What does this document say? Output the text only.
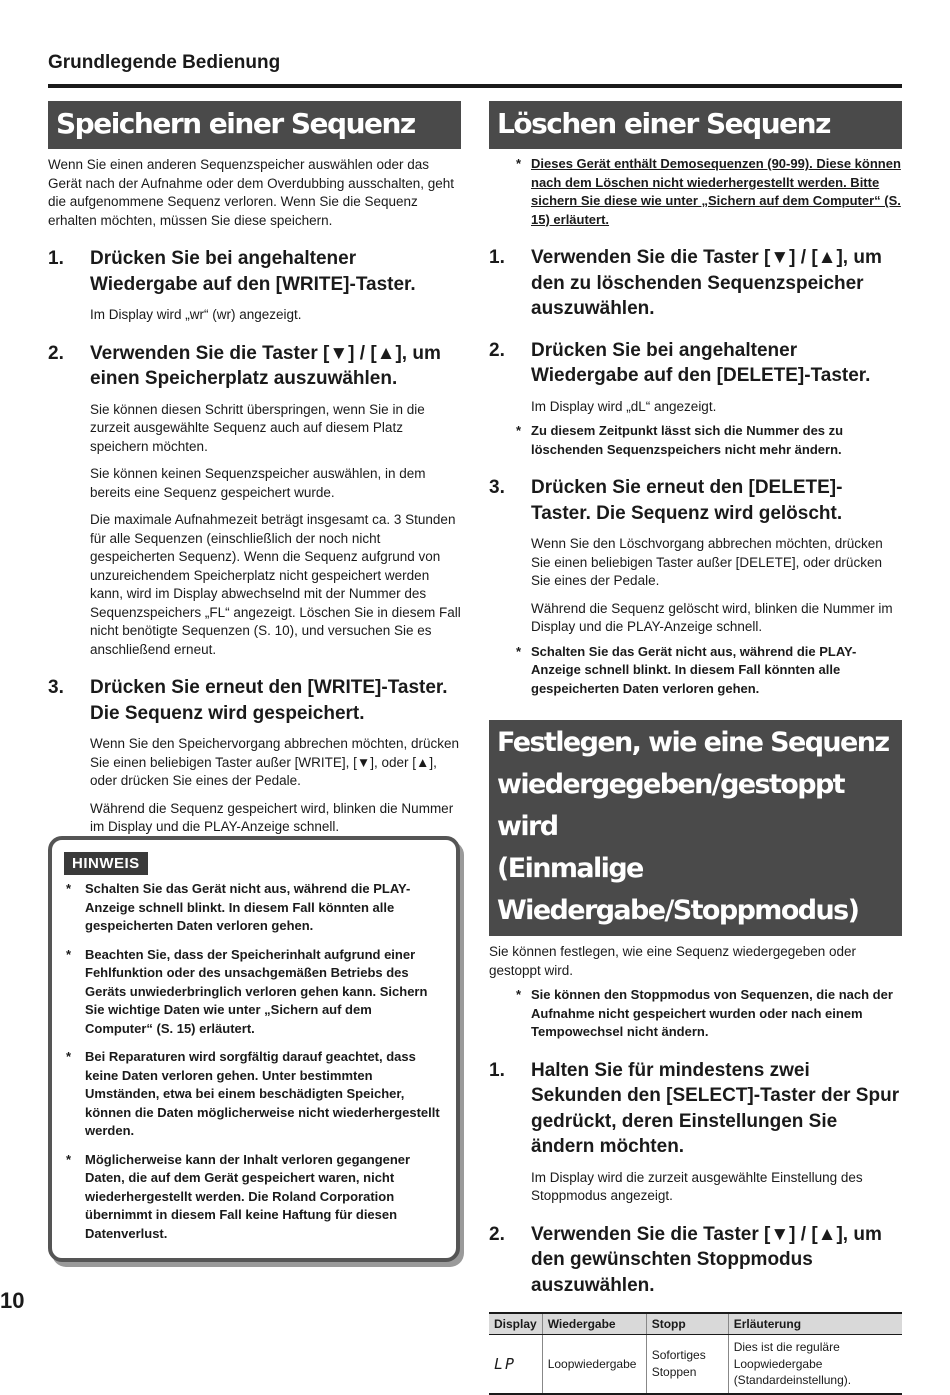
Grundlegende Bedienung
Speichern einer Sequenz
Wenn Sie einen anderen Sequenzspeicher auswählen oder das Gerät nach der Aufnahme oder dem Overdubbing ausschalten, geht die aufgenommene Sequenz verloren. Wenn Sie die Sequenz erhalten möchten, müssen Sie diese speichern.
1.	Drücken Sie bei angehaltener Wiedergabe auf den [WRITE]-Taster.
Im Display wird „wr“ (wr) angezeigt.
2.	Verwenden Sie die Taster [▼] / [▲], um einen Speicherplatz auszuwählen.
Sie können diesen Schritt überspringen, wenn Sie in die zurzeit ausgewählte Sequenz auch auf diesem Platz speichern möchten.
Sie können keinen Sequenzspeicher auswählen, in dem bereits eine Sequenz gespeichert wurde.
Die maximale Aufnahmezeit beträgt insgesamt ca. 3 Stunden für alle Sequenzen (einschließlich der noch nicht gespeicherten Sequenz). Wenn die Sequenz aufgrund von unzureichendem Speicherplatz nicht gespeichert werden kann, wird im Display abwechselnd mit der Nummer des Sequenzspeichers „FL“ angezeigt. Löschen Sie in diesem Fall nicht benötigte Sequenzen (S. 10), und versuchen Sie es anschließend erneut.
3.	Drücken Sie erneut den [WRITE]-Taster. Die Sequenz wird gespeichert.
Wenn Sie den Speichervorgang abbrechen möchten, drücken Sie einen beliebigen Taster außer [WRITE], [▼], oder [▲], oder drücken Sie eines der Pedale.
Während die Sequenz gespeichert wird, blinken die Nummer im Display und die PLAY-Anzeige schnell.
HINWEIS
*	Schalten Sie das Gerät nicht aus, während die PLAY-Anzeige schnell blinkt. In diesem Fall könnten alle gespeicherten Daten verloren gehen.
*	Beachten Sie, dass der Speicherinhalt aufgrund einer Fehlfunktion oder des unsachgemäßen Betriebs des Geräts unwiederbringlich verloren gehen kann. Sichern Sie wichtige Daten wie unter „Sichern auf dem Computer“ (S. 15) erläutert.
*	Bei Reparaturen wird sorgfältig darauf geachtet, dass keine Daten verloren gehen. Unter bestimmten Umständen, etwa bei einem beschädigten Speicher, können die Daten möglicherweise nicht wiederhergestellt werden.
*	Möglicherweise kann der Inhalt verloren gegangener Daten, die auf dem Gerät gespeichert waren, nicht wiederhergestellt werden. Die Roland Corporation übernimmt in diesem Fall keine Haftung für diesen Datenverlust.
Löschen einer Sequenz
* Dieses Gerät enthält Demosequenzen (90-99). Diese können nach dem Löschen nicht wiederhergestellt werden. Bitte sichern Sie diese wie unter „Sichern auf dem Computer“ (S. 15) erläutert.
1.	Verwenden Sie die Taster [▼] / [▲], um den zu löschenden Sequenzspeicher auszuwählen.
2.	Drücken Sie bei angehaltener Wiedergabe auf den [DELETE]-Taster.
Im Display wird „dL“ angezeigt.
* Zu diesem Zeitpunkt lässt sich die Nummer des zu löschenden Sequenzspeichers nicht mehr ändern.
3.	Drücken Sie erneut den [DELETE]-Taster. Die Sequenz wird gelöscht.
Wenn Sie den Löschvorgang abbrechen möchten, drücken Sie einen beliebigen Taster außer [DELETE], oder drücken Sie eines der Pedale.
Während die Sequenz gelöscht wird, blinken die Nummer im Display und die PLAY-Anzeige schnell.
* Schalten Sie das Gerät nicht aus, während die PLAY-Anzeige schnell blinkt. In diesem Fall könnten alle gespeicherten Daten verloren gehen.
Festlegen, wie eine Sequenz
wiedergegeben/gestoppt wird
(Einmalige Wiedergabe/Stoppmodus)
Sie können festlegen, wie eine Sequenz wiedergegeben oder gestoppt wird.
* Sie können den Stoppmodus von Sequenzen, die nach der Aufnahme nicht gespeichert wurden oder nach einem Tempowechsel nicht ändern.
1.	Halten Sie für mindestens zwei Sekunden den [SELECT]-Taster der Spur gedrückt, deren Einstellungen Sie ändern möchten.
Im Display wird die zurzeit ausgewählte Einstellung des Stoppmodus angezeigt.
2.	Verwenden Sie die Taster [▼] / [▲], um den gewünschten Stoppmodus auszuwählen.
Display	Wiedergabe	Stopp	Erläuterung
LP	Loopwiedergabe	Sofortiges Stoppen	Dies ist die reguläre Loopwiedergabe (Standardeinstellung).
10
